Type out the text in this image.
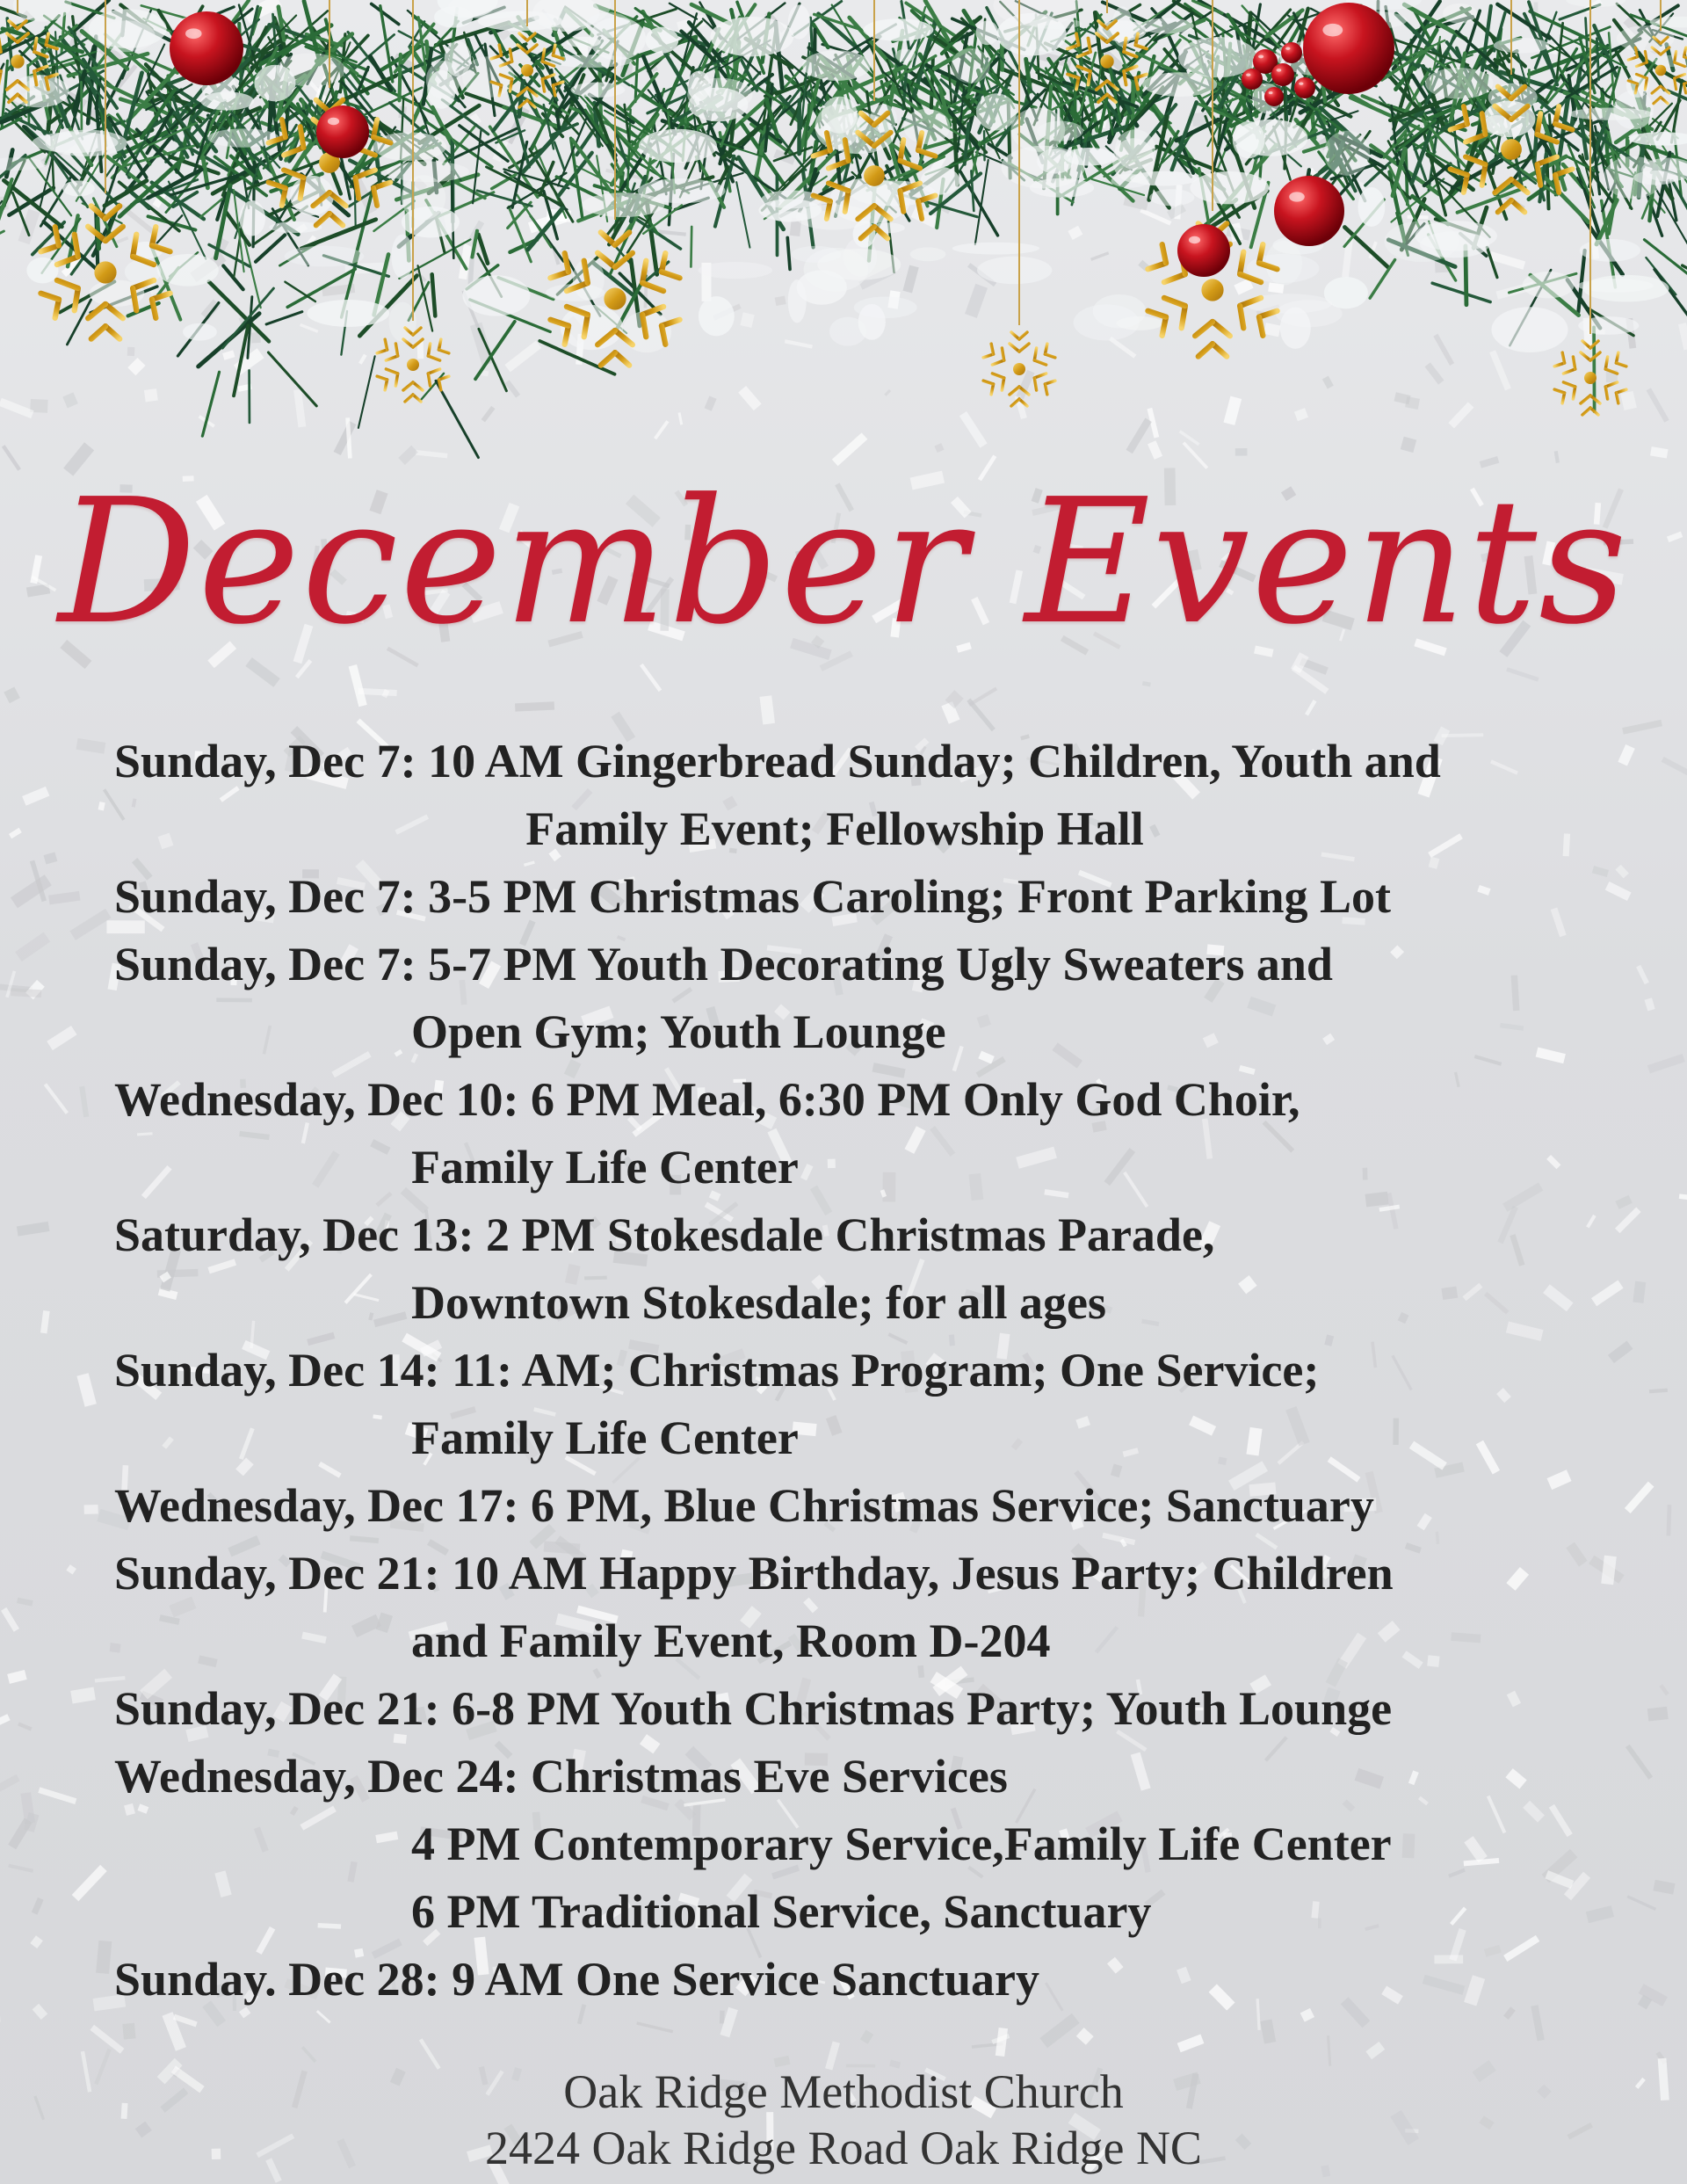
December Events
Sunday, Dec 7: 10 AM Gingerbread Sunday; Children, Youth and
Family Event; Fellowship Hall
Sunday, Dec 7: 3-5 PM Christmas Caroling; Front Parking Lot
Sunday, Dec 7: 5-7 PM Youth Decorating Ugly Sweaters and
Open Gym; Youth Lounge
Wednesday, Dec 10: 6 PM Meal, 6:30 PM Only God Choir,
Family Life Center
Saturday, Dec 13: 2 PM Stokesdale Christmas Parade,
Downtown Stokesdale; for all ages
Sunday, Dec 14: 11: AM; Christmas Program; One Service;
Family Life Center
Wednesday, Dec 17: 6 PM, Blue Christmas Service; Sanctuary
Sunday, Dec 21: 10 AM Happy Birthday, Jesus Party; Children
and Family Event, Room D-204
Sunday, Dec 21: 6-8 PM Youth Christmas Party; Youth Lounge
Wednesday, Dec 24: Christmas Eve Services
4 PM Contemporary Service,Family Life Center
6 PM Traditional Service, Sanctuary
Sunday. Dec 28: 9 AM One Service Sanctuary
Oak Ridge Methodist Church
2424 Oak Ridge Road Oak Ridge NC
